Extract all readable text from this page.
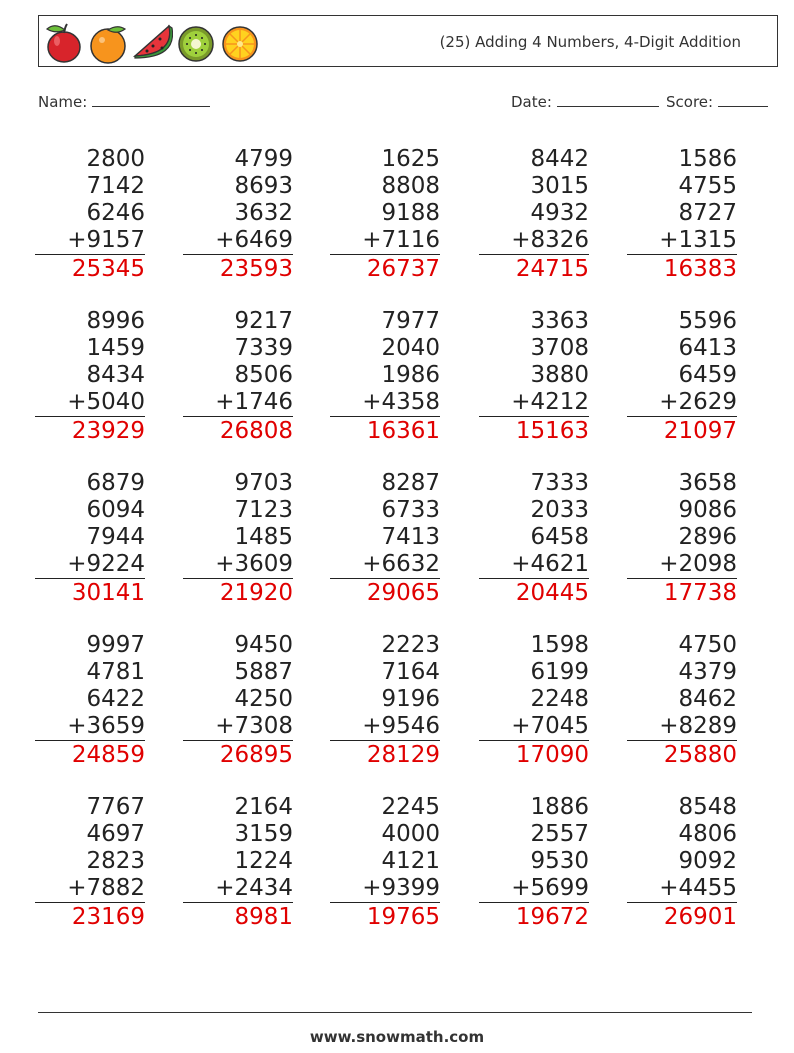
(25) Adding 4 Numbers, 4-Digit Addition
Name:	Date:	Score:
2800
7142
6246
+9157
25345
4799
8693
3632
+6469
23593
1625
8808
9188
+7116
26737
8442
3015
4932
+8326
24715
1586
4755
8727
+1315
16383
8996
1459
8434
+5040
23929
9217
7339
8506
+1746
26808
7977
2040
1986
+4358
16361
3363
3708
3880
+4212
15163
5596
6413
6459
+2629
21097
6879
6094
7944
+9224
30141
9703
7123
1485
+3609
21920
8287
6733
7413
+6632
29065
7333
2033
6458
+4621
20445
3658
9086
2896
+2098
17738
9997
4781
6422
+3659
24859
9450
5887
4250
+7308
26895
2223
7164
9196
+9546
28129
1598
6199
2248
+7045
17090
4750
4379
8462
+8289
25880
7767
4697
2823
+7882
23169
2164
3159
1224
+2434
8981
2245
4000
4121
+9399
19765
1886
2557
9530
+5699
19672
8548
4806
9092
+4455
26901
www.snowmath.com
